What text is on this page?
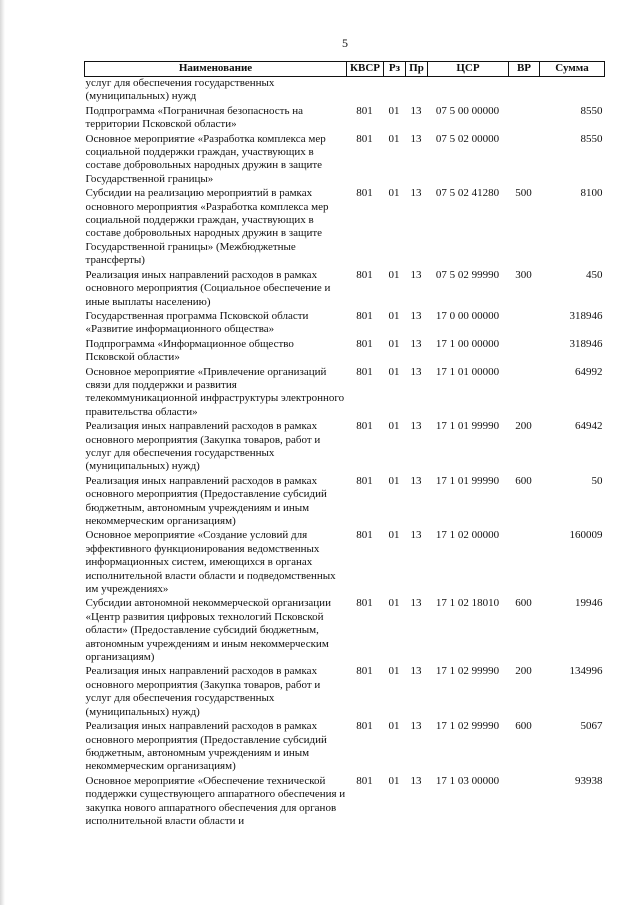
5
Наименование	КВСР	Рз	Пр	ЦСР	ВР	Сумма
услуг для обеспечения государственных (муниципальных) нужд						
Подпрограмма «Пограничная безопасность на территории Псковской области»	801	01	13	07 5 00 00000		8550
Основное мероприятие «Разработка комплекса мер социальной поддержки граждан, участвующих в составе добровольных народных дружин в защите Государственной границы»	801	01	13	07 5 02 00000		8550
Субсидии на реализацию мероприятий в рамках основного мероприятия «Разработка комплекса мер социальной поддержки граждан, участвующих в составе добровольных народных дружин в защите Государственной границы» (Межбюджетные трансферты)	801	01	13	07 5 02 41280	500	8100
Реализация иных направлений расходов в рамках основного мероприятия (Социальное обеспечение и иные выплаты населению)	801	01	13	07 5 02 99990	300	450
Государственная программа Псковской области «Развитие информационного общества»	801	01	13	17 0 00 00000		318946
Подпрограмма «Информационное общество Псковской области»	801	01	13	17 1 00 00000		318946
Основное мероприятие «Привлечение организаций связи для поддержки и развития телекоммуникационной инфраструктуры электронного правительства области»	801	01	13	17 1 01 00000		64992
Реализация иных направлений расходов в рамках основного мероприятия (Закупка товаров, работ и услуг для обеспечения государственных (муниципальных) нужд)	801	01	13	17 1 01 99990	200	64942
Реализация иных направлений расходов в рамках основного мероприятия (Предоставление субсидий бюджетным, автономным учреждениям и иным некоммерческим организациям)	801	01	13	17 1 01 99990	600	50
Основное мероприятие «Создание условий для эффективного функционирования ведомственных информационных систем, имеющихся в органах исполнительной власти области и подведомственных им учреждениях»	801	01	13	17 1 02 00000		160009
Субсидии автономной некоммерческой организации «Центр развития цифровых технологий Псковской области» (Предоставление субсидий бюджетным, автономным учреждениям и иным некоммерческим организациям)	801	01	13	17 1 02 18010	600	19946
Реализация иных направлений расходов в рамках основного мероприятия (Закупка товаров, работ и услуг для обеспечения государственных (муниципальных) нужд)	801	01	13	17 1 02 99990	200	134996
Реализация иных направлений расходов в рамках основного мероприятия (Предоставление субсидий бюджетным, автономным учреждениям и иным некоммерческим организациям)	801	01	13	17 1 02 99990	600	5067
Основное мероприятие «Обеспечение технической поддержки существующего аппаратного обеспечения и закупка нового аппаратного обеспечения для органов исполнительной власти области и	801	01	13	17 1 03 00000		93938
